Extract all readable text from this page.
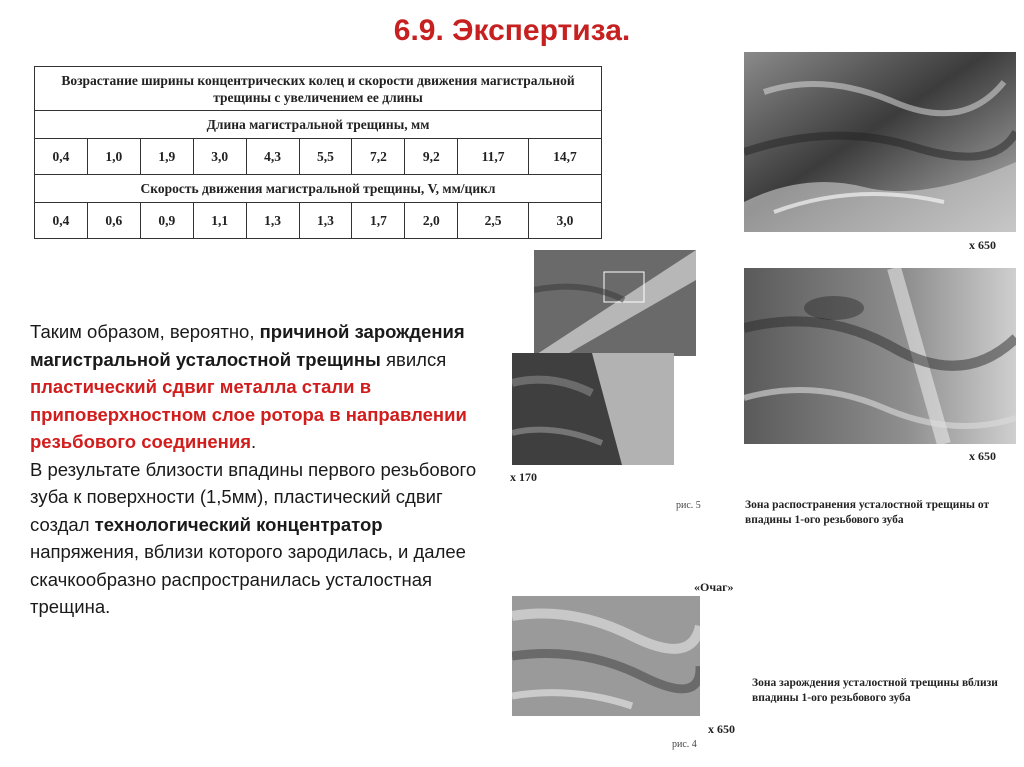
6.9. Экспертиза.
Возрастание ширины концентрических колец и скорости движения магистральной трещины с увеличением ее длины									
Длина магистральной трещины, мм									
0,4	1,0	1,9	3,0	4,3	5,5	7,2	9,2	11,7	14,7
Скорость движения магистральной трещины, V, мм/цикл									
0,4	0,6	0,9	1,1	1,3	1,3	1,7	2,0	2,5	3,0
Таким образом, вероятно, причиной зарождения магистральной усталостной трещины явился пластический сдвиг металла стали в приповерхностном слое ротора в направлении резьбового соединения.
В результате близости впадины первого резьбового зуба к поверхности (1,5мм), пластический сдвиг создал технологический концентратор напряжения, вблизи которого зародилась, и далее скачкообразно распространилась усталостная трещина.
х 650
х 650
х 170
рис. 5	Зона распостранения усталостной трещины от впадины 1-ого резьбового зуба
«Очаг»
х 650
рис. 4
Зона зарождения усталостной трещины вблизи впадины 1-ого резьбового зуба
